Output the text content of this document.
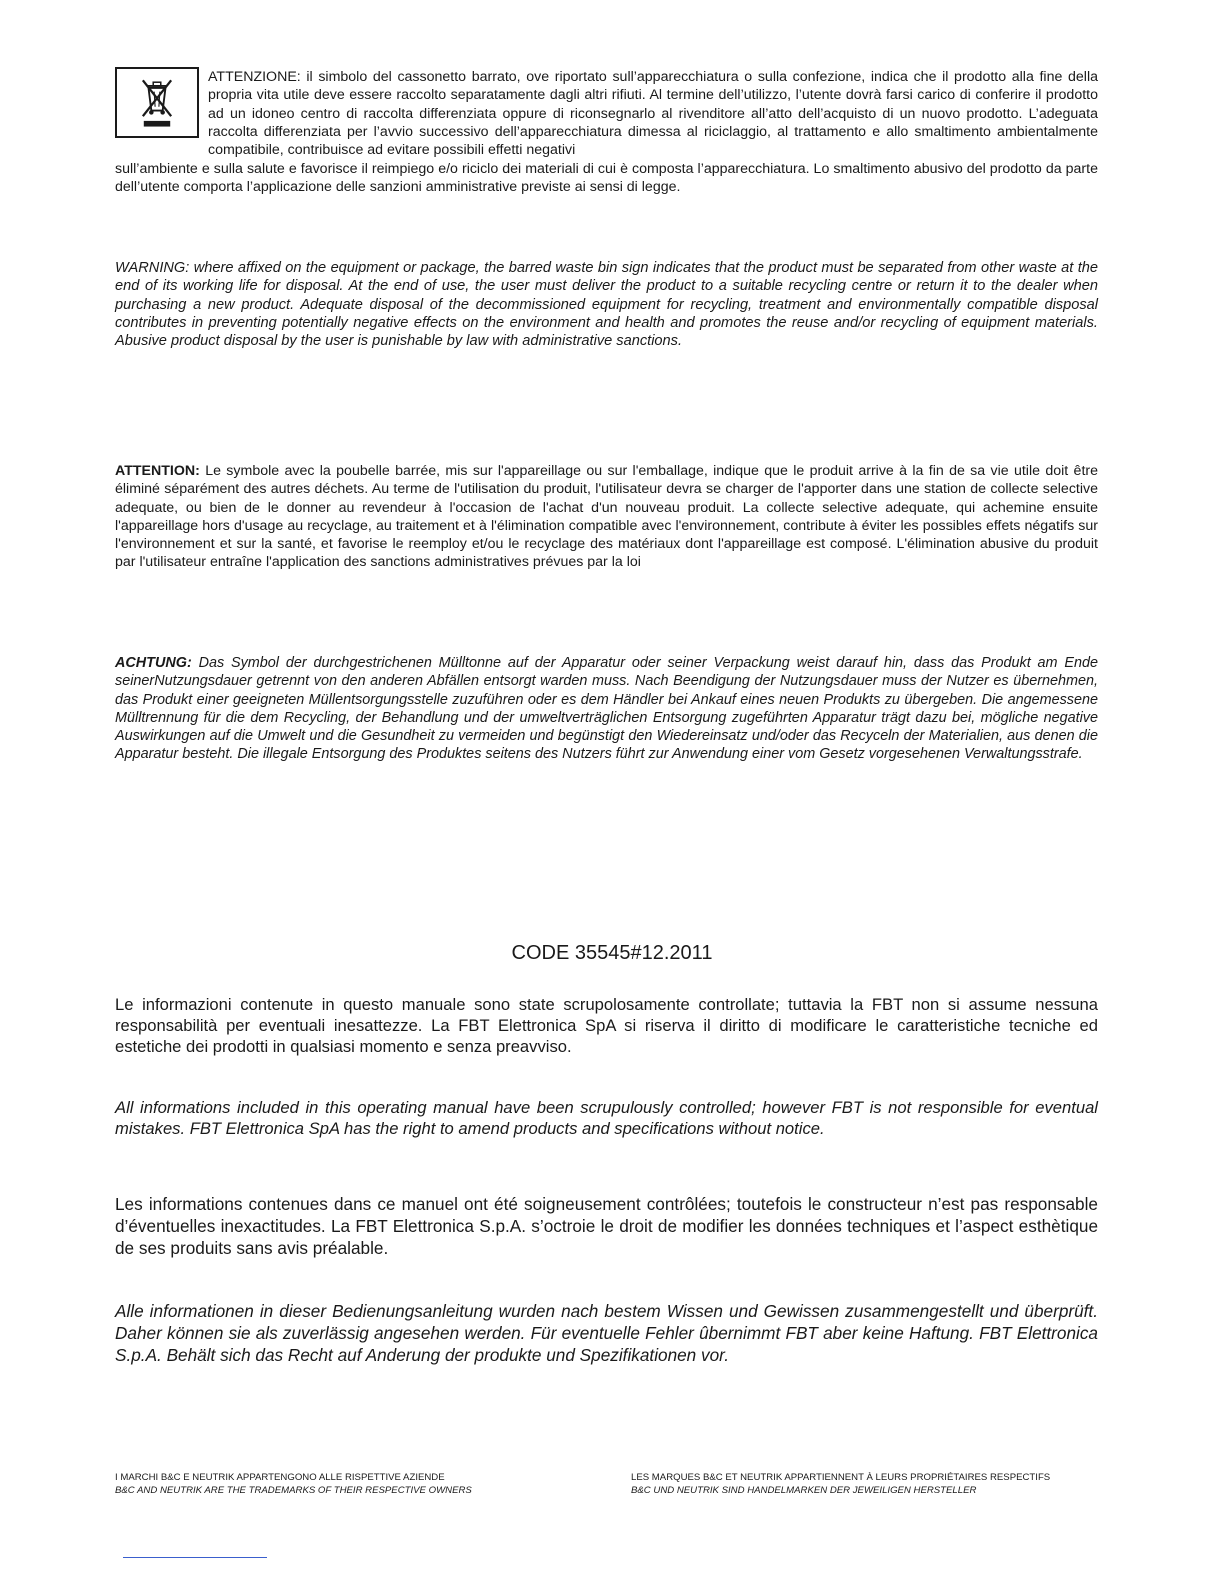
ATTENZIONE: il simbolo del cassonetto barrato, ove riportato sull’apparecchiatura o sulla confezione, indica che il prodotto alla fine della propria vita utile deve essere raccolto separatamente dagli altri rifiuti. Al termine dell’utilizzo, l’utente dovrà farsi carico di conferire il prodotto ad un idoneo centro di raccolta differenziata oppure di riconsegnarlo al rivenditore all’atto dell’acquisto di un nuovo prodotto. L’adeguata raccolta differenziata per l’avvio successivo dell’apparecchiatura dimessa al riciclaggio, al trattamento e allo smaltimento ambientalmente compatibile, contribuisce ad evitare possibili effetti negativi

sull’ambiente e sulla salute e favorisce il reimpiego e/o riciclo dei materiali di cui è composta l’apparecchiatura. Lo smaltimento abusivo del prodotto da parte dell’utente comporta l’applicazione delle sanzioni amministrative previste ai sensi di legge.

WARNING: where affixed on the equipment or package, the barred waste bin sign indicates that the product must be separated from other waste at the end of its working life for disposal. At the end of use, the user must deliver the product to a suitable recycling centre or return it to the dealer when purchasing a new product. Adequate disposal of the decommissioned equipment for recycling, treatment and environmentally compatible disposal contributes in preventing potentially negative effects on the environment and health and promotes the reuse and/or recycling of equipment materials. Abusive product disposal by the user is punishable by law with administrative sanctions.

ATTENTION: Le symbole avec la poubelle barrée, mis sur l'appareillage ou sur l'emballage, indique que le produit arrive à la fin de sa vie utile doit être éliminé séparément des autres déchets. Au terme de l'utilisation du produit, l'utilisateur devra se charger de l'apporter dans une station de collecte selective adequate, ou bien de le donner au revendeur à l'occasion de l'achat d'un nouveau produit. La collecte selective adequate, qui achemine ensuite l'appareillage hors d'usage au recyclage, au traitement et à l'élimination compatible avec l'environnement, contribute à éviter les possibles effets négatifs sur l'environnement et sur la santé, et favorise le reemploy et/ou le recyclage des matériaux dont l'appareillage est composé. L'élimination abusive du produit par l'utilisateur entraîne l'application des sanctions administratives prévues par la loi

ACHTUNG: Das Symbol der durchgestrichenen Mülltonne auf der Apparatur oder seiner Verpackung weist darauf hin, dass das Produkt am Ende seinerNutzungsdauer getrennt von den anderen Abfällen entsorgt warden muss. Nach Beendigung der Nutzungsdauer muss der Nutzer es übernehmen, das Produkt einer geeigneten Müllentsorgungsstelle zuzuführen oder es dem Händler bei Ankauf eines neuen Produkts zu übergeben. Die angemessene Mülltrennung für die dem Recycling, der Behandlung und der umweltverträglichen Entsorgung zugeführten Apparatur trägt dazu bei, mögliche negative Auswirkungen auf die Umwelt und die Gesundheit zu vermeiden und begünstigt den Wiedereinsatz und/oder das Recyceln der Materialien, aus denen die Apparatur besteht. Die illegale Entsorgung des Produktes seitens des Nutzers führt zur Anwendung einer vom Gesetz vorgesehenen Verwaltungsstrafe.

CODE 35545#12.2011

Le informazioni contenute in questo manuale sono state scrupolosamente controllate; tuttavia la FBT non si assume nessuna responsabilità per eventuali inesattezze. La FBT Elettronica SpA si riserva il diritto di modificare le caratteristiche tecniche ed estetiche dei prodotti in qualsiasi momento e senza preavviso.

All informations included in this operating manual have been scrupulously controlled; however FBT is not responsible for eventual mistakes. FBT Elettronica SpA has the right to amend products and specifications without notice.

Les informations contenues dans ce manuel ont été soigneusement contrôlées; toutefois le constructeur n’est pas responsable d’éventuelles inexactitudes. La FBT Elettronica S.p.A. s’octroie le droit de modifier les données techniques et l’aspect esthètique de ses produits sans avis préalable.

Alle informationen in dieser Bedienungsanleitung wurden nach bestem Wissen und Gewissen zusammengestellt und überprüft. Daher können sie als zuverlässig angesehen werden. Für eventuelle Fehler ûbernimmt FBT aber keine Haftung. FBT Elettronica S.p.A. Behält sich das Recht auf Anderung der produkte und Spezifikationen vor.

I MARCHI B&C E NEUTRIK APPARTENGONO ALLE RISPETTIVE AZIENDE
B&C AND NEUTRIK ARE THE TRADEMARKS OF THEIR RESPECTIVE OWNERS
LES MARQUES B&C ET NEUTRIK APPARTIENNENT À LEURS PROPRIÉTAIRES RESPECTIFS
B&C UND NEUTRIK SIND HANDELMARKEN DER JEWEILIGEN HERSTELLER
